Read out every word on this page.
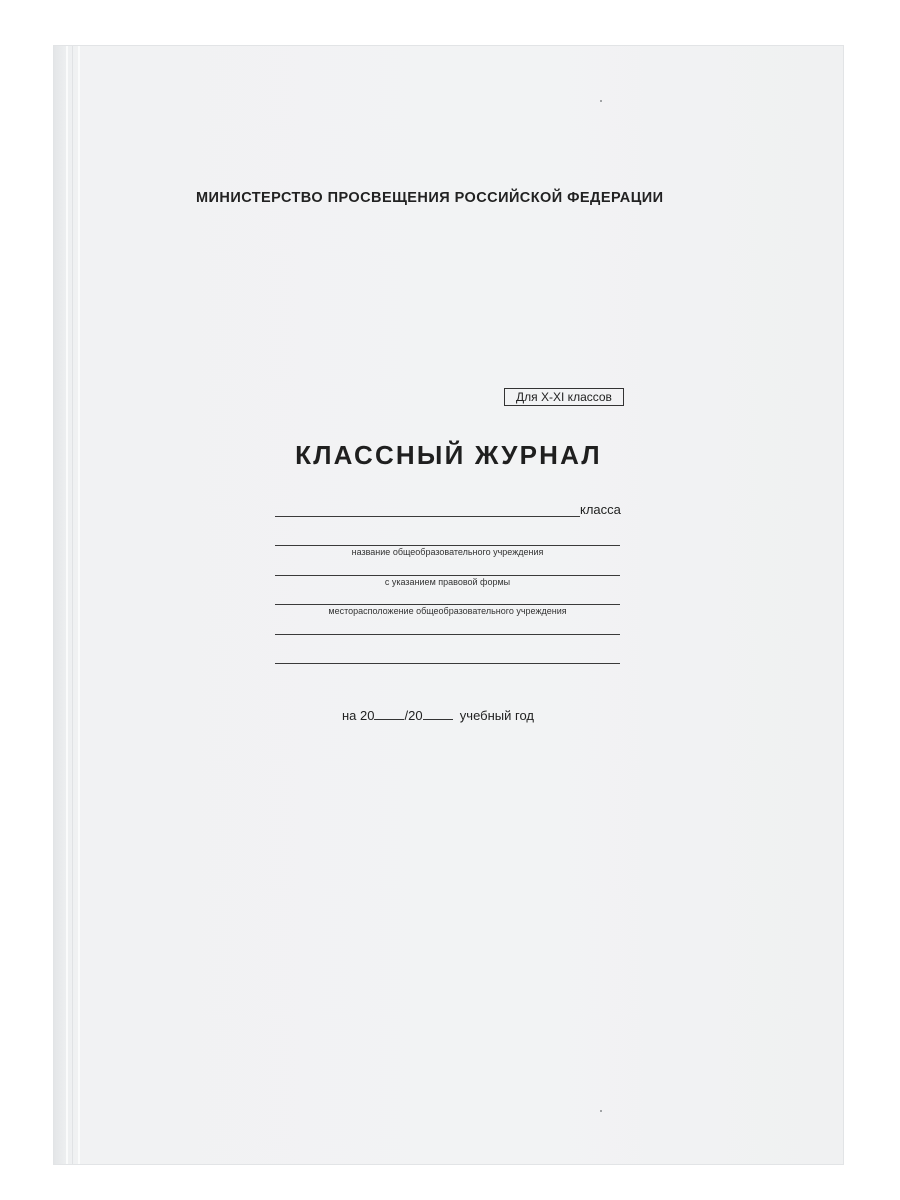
МИНИСТЕРСТВО ПРОСВЕЩЕНИЯ РОССИЙСКОЙ ФЕДЕРАЦИИ
Для X-XI классов
КЛАССНЫЙ ЖУРНАЛ
класса
название общеобразовательного учреждения
с указанием правовой формы
месторасположение общеобразовательного учреждения
на 20 /20	учебный год
